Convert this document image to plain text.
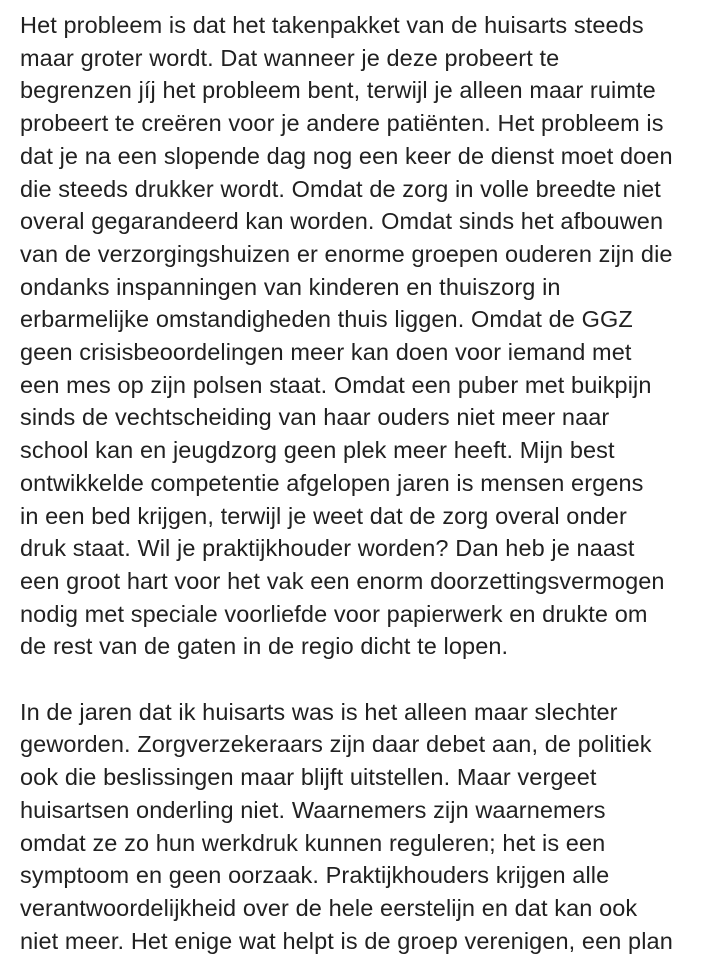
Het probleem is dat het takenpakket van de huisarts steeds
maar groter wordt. Dat wanneer je deze probeert te
begrenzen jíj het probleem bent, terwijl je alleen maar ruimte
probeert te creëren voor je andere patiënten. Het probleem is
dat je na een slopende dag nog een keer de dienst moet doen
die steeds drukker wordt. Omdat de zorg in volle breedte niet
overal gegarandeerd kan worden. Omdat sinds het afbouwen
van de verzorgingshuizen er enorme groepen ouderen zijn die
ondanks inspanningen van kinderen en thuiszorg in
erbarmelijke omstandigheden thuis liggen. Omdat de GGZ
geen crisisbeoordelingen meer kan doen voor iemand met
een mes op zijn polsen staat. Omdat een puber met buikpijn
sinds de vechtscheiding van haar ouders niet meer naar
school kan en jeugdzorg geen plek meer heeft. Mijn best
ontwikkelde competentie afgelopen jaren is mensen ergens
in een bed krijgen, terwijl je weet dat de zorg overal onder
druk staat. Wil je praktijkhouder worden? Dan heb je naast
een groot hart voor het vak een enorm doorzettingsvermogen
nodig met speciale voorliefde voor papierwerk en drukte om
de rest van de gaten in de regio dicht te lopen.

In de jaren dat ik huisarts was is het alleen maar slechter
geworden. Zorgverzekeraars zijn daar debet aan, de politiek
ook die beslissingen maar blijft uitstellen. Maar vergeet
huisartsen onderling niet. Waarnemers zijn waarnemers
omdat ze zo hun werkdruk kunnen reguleren; het is een
symptoom en geen oorzaak. Praktijkhouders krijgen alle
verantwoordelijkheid over de hele eerstelijn en dat kan ook
niet meer. Het enige wat helpt is de groep verenigen, een plan
